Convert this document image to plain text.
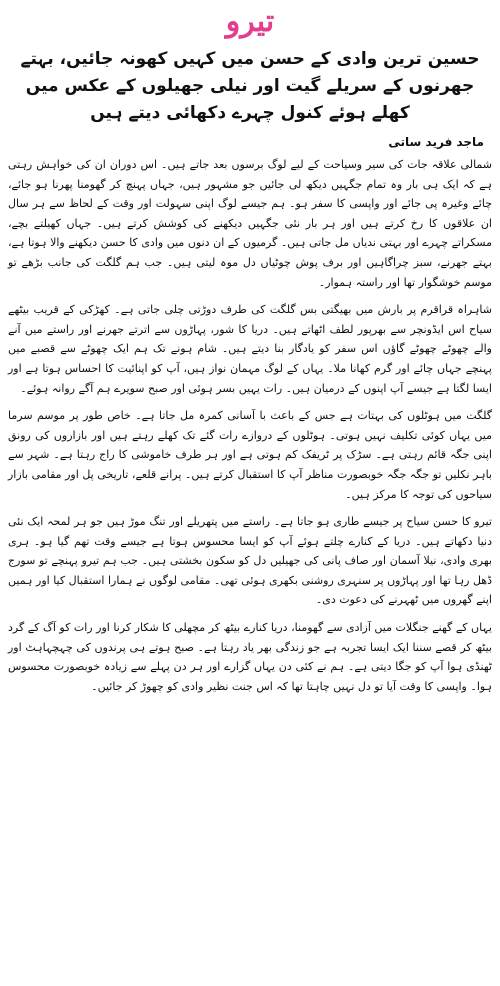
تیرو
حسین ترین وادی کے حسن میں کہیں کھونہ جائیں، بہتے جھرنوں کے سریلے گیت اور نیلی جھیلوں کے عکس میں کھلے ہوئے کنول چہرے دکھائی دیتے ہیں
ماجد فرید ساتی

شمالی علاقہ جات کی سیر وسیاحت کے لیے لوگ برسوں بعد جاتے ہیں۔ اس دوران ان کی خواہش رہتی ہے کہ ایک ہی بار وہ تمام جگہیں دیکھ لی جائیں جو مشہور ہیں، جہاں پہنچ کر گھومنا پھرنا ہو جائے، چائے وغیرہ پی جائے اور واپسی کا سفر ہو۔ ہم جیسے لوگ اپنی سہولت اور وقت کے لحاظ سے ہر سال ان علاقوں کا رخ کرتے ہیں اور ہر بار نئی جگہیں دیکھنے کی کوشش کرتے ہیں۔ جہاں کھیلتے بچے، مسکراتے چہرے اور بہتی ندیاں مل جاتی ہیں۔ گرمیوں کے ان دنوں میں وادی کا حسن دیکھنے والا ہوتا ہے، بہتے جھرنے، سبز چراگاہیں اور برف پوش چوٹیاں دل موہ لیتی ہیں۔ جب ہم گلگت کی جانب بڑھے تو موسم خوشگوار تھا اور راستہ ہموار۔

شاہراہ قراقرم پر بارش میں بھیگتی بس گلگت کی طرف دوڑتی چلی جاتی ہے۔ کھڑکی کے قریب بیٹھے سیاح اس ایڈونچر سے بھرپور لطف اٹھاتے ہیں۔ دریا کا شور، پہاڑوں سے اترتے جھرنے اور راستے میں آنے والے چھوٹے چھوٹے گاؤں اس سفر کو یادگار بنا دیتے ہیں۔ شام ہونے تک ہم ایک چھوٹے سے قصبے میں پہنچے جہاں چائے اور گرم کھانا ملا۔ یہاں کے لوگ مہمان نواز ہیں، آپ کو اپنائیت کا احساس ہوتا ہے اور ایسا لگتا ہے جیسے آپ اپنوں کے درمیان ہیں۔ رات یہیں بسر ہوئی اور صبح سویرے ہم آگے روانہ ہوئے۔

گلگت میں ہوٹلوں کی بہتات ہے جس کے باعث با آسانی کمرہ مل جاتا ہے۔ خاص طور پر موسم سرما میں یہاں کوئی تکلیف نہیں ہوتی۔ ہوٹلوں کے دروازے رات گئے تک کھلے رہتے ہیں اور بازاروں کی رونق اپنی جگہ قائم رہتی ہے۔ سڑک پر ٹریفک کم ہوتی ہے اور ہر طرف خاموشی کا راج رہتا ہے۔ شہر سے باہر نکلیں تو جگہ جگہ خوبصورت مناظر آپ کا استقبال کرتے ہیں۔ پرانے قلعے، تاریخی پل اور مقامی بازار سیاحوں کی توجہ کا مرکز ہیں۔

تیرو کا حسن سیاح پر جیسے طاری ہو جاتا ہے۔ راستے میں پتھریلے اور تنگ موڑ ہیں جو ہر لمحہ ایک نئی دنیا دکھاتے ہیں۔ دریا کے کنارے چلتے ہوئے آپ کو ایسا محسوس ہوتا ہے جیسے وقت تھم گیا ہو۔ ہری بھری وادی، نیلا آسمان اور صاف پانی کی جھیلیں دل کو سکون بخشتی ہیں۔ جب ہم تیرو پہنچے تو سورج ڈھل رہا تھا اور پہاڑوں پر سنہری روشنی بکھری ہوئی تھی۔ مقامی لوگوں نے ہمارا استقبال کیا اور ہمیں اپنے گھروں میں ٹھہرنے کی دعوت دی۔

یہاں کے گھنے جنگلات میں آزادی سے گھومنا، دریا کنارے بیٹھ کر مچھلی کا شکار کرنا اور رات کو آگ کے گرد بیٹھ کر قصے سننا ایک ایسا تجربہ ہے جو زندگی بھر یاد رہتا ہے۔ صبح ہوتے ہی پرندوں کی چہچہاہٹ اور ٹھنڈی ہوا آپ کو جگا دیتی ہے۔ ہم نے کئی دن یہاں گزارے اور ہر دن پہلے سے زیادہ خوبصورت محسوس ہوا۔ واپسی کا وقت آیا تو دل نہیں چاہتا تھا کہ اس جنت نظیر وادی کو چھوڑ کر جائیں۔
